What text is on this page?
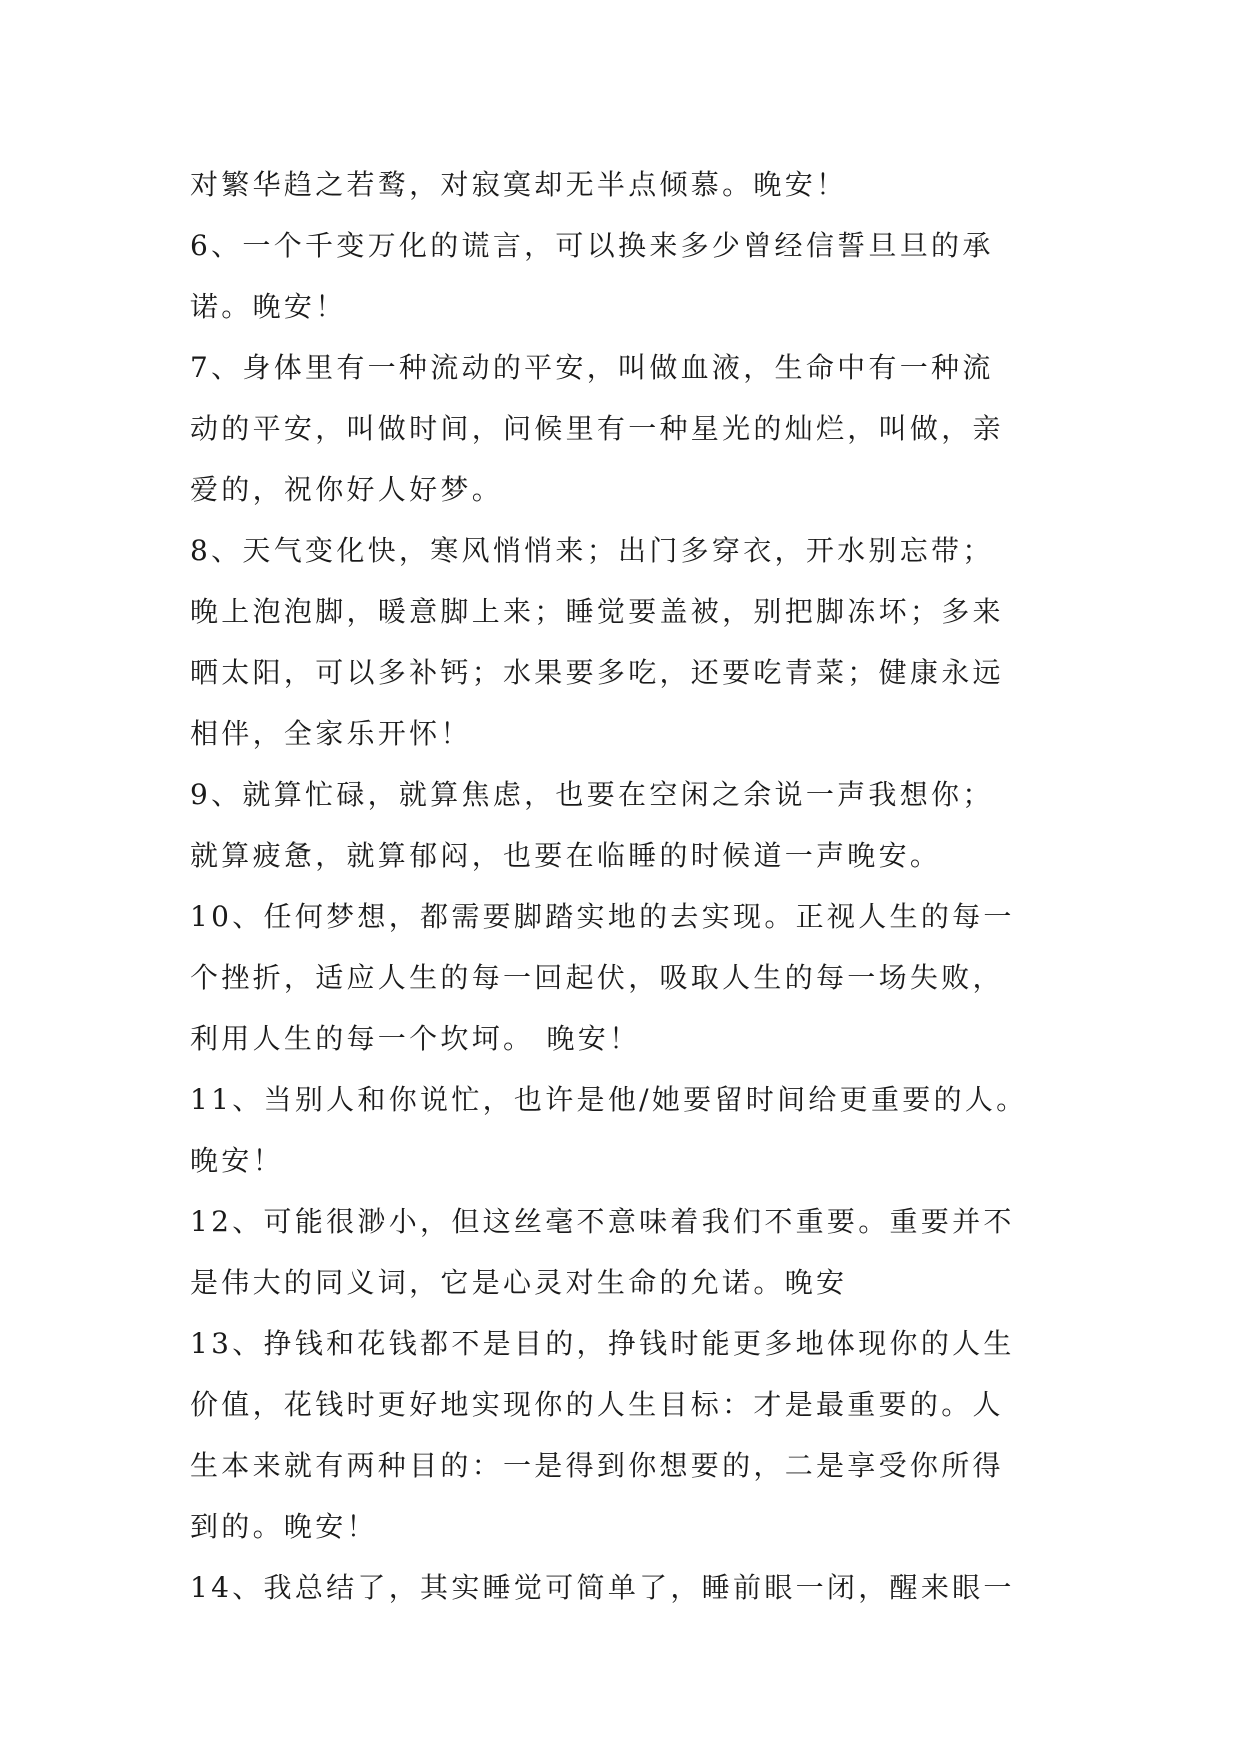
对繁华趋之若鹜，对寂寞却无半点倾慕。晚安！
6、一个千变万化的谎言，可以换来多少曾经信誓旦旦的承
诺。晚安！
7、身体里有一种流动的平安，叫做血液，生命中有一种流
动的平安，叫做时间，问候里有一种星光的灿烂，叫做，亲
爱的，祝你好人好梦。
8、天气变化快，寒风悄悄来；出门多穿衣，开水别忘带；
晚上泡泡脚，暖意脚上来；睡觉要盖被，别把脚冻坏；多来
晒太阳，可以多补钙；水果要多吃，还要吃青菜；健康永远
相伴，全家乐开怀！
9、就算忙碌，就算焦虑，也要在空闲之余说一声我想你；
就算疲惫，就算郁闷，也要在临睡的时候道一声晚安。
10、任何梦想，都需要脚踏实地的去实现。正视人生的每一
个挫折，适应人生的每一回起伏，吸取人生的每一场失败，
利用人生的每一个坎坷。 晚安！
11、当别人和你说忙，也许是他/她要留时间给更重要的人。
晚安！
12、可能很渺小，但这丝毫不意味着我们不重要。重要并不
是伟大的同义词，它是心灵对生命的允诺。晚安
13、挣钱和花钱都不是目的，挣钱时能更多地体现你的人生
价值，花钱时更好地实现你的人生目标：才是最重要的。人
生本来就有两种目的：一是得到你想要的，二是享受你所得
到的。晚安！
14、我总结了，其实睡觉可简单了，睡前眼一闭，醒来眼一
